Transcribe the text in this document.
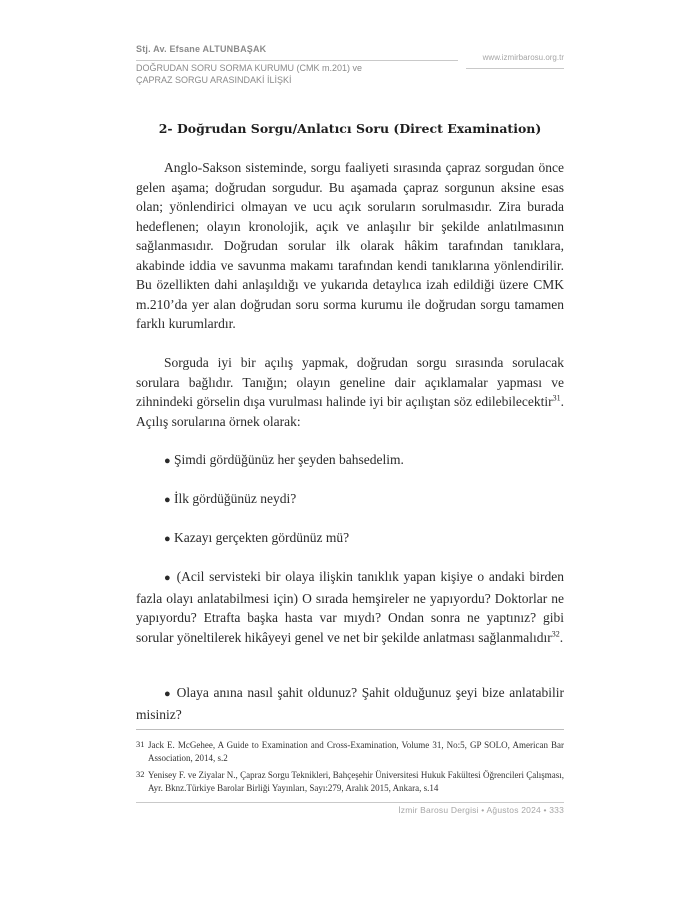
Stj. Av. Efsane ALTUNBAŞAK
www.izmirbarosu.org.tr
DOĞRUDAN SORU SORMA KURUMU (CMK m.201) ve
ÇAPRAZ SORGU ARASINDAKİ İLİŞKİ
2- Doğrudan Sorgu/Anlatıcı Soru (Direct Examination)

Anglo-Sakson sisteminde, sorgu faaliyeti sırasında çapraz sorgudan önce gelen aşama; doğrudan sorgudur. Bu aşamada çapraz sorgunun aksine esas olan; yönlendirici olmayan ve ucu açık soruların sorulmasıdır. Zira burada hedeflenen; olayın kronolojik, açık ve anlaşılır bir şekilde anlatılmasının sağlanmasıdır. Doğrudan sorular ilk olarak hâkim tarafından tanıklara, akabinde iddia ve savunma makamı tarafından kendi tanıklarına yönlendirilir. Bu özellikten dahi anlaşıldığı ve yukarıda detaylıca izah edildiği üzere CMK m.210’da yer alan doğrudan soru sorma kurumu ile doğrudan sorgu tamamen farklı kurumlardır.

Sorguda iyi bir açılış yapmak, doğrudan sorgu sırasında sorulacak sorulara bağlıdır. Tanığın; olayın geneline dair açıklamalar yapması ve zihnindeki görselin dışa vurulması halinde iyi bir açılıştan söz edilebilecektir$^{31}$. Açılış sorularına örnek olarak:

● Şimdi gördüğünüz her şeyden bahsedelim.

● İlk gördüğünüz neydi?

● Kazayı gerçekten gördünüz mü?

● (Acil servisteki bir olaya ilişkin tanıklık yapan kişiye o andaki birden fazla olayı anlatabilmesi için) O sırada hemşireler ne yapıyordu? Doktorlar ne yapıyordu? Etrafta başka hasta var mıydı? Ondan sonra ne yaptınız? gibi sorular yöneltilerek hikâyeyi genel ve net bir şekilde anlatması sağlanmalıdır$^{32}$.

● Olaya anına nasıl şahit oldunuz? Şahit olduğunuz şeyi bize anlatabilir misiniz?

31 Jack E. McGehee, A Guide to Examination and Cross-Examination, Volume 31, No:5, GP SOLO, American Bar Association, 2014, s.2
32 Yenisey F. ve Ziyalar N., Çapraz Sorgu Teknikleri, Bahçeşehir Üniversitesi Hukuk Fakültesi Öğrencileri Çalışması, Ayr. Bknz.Türkiye Barolar Birliği Yayınları, Sayı:279, Aralık 2015, Ankara, s.14
İzmir Barosu Dergisi • Ağustos 2024 • 333
